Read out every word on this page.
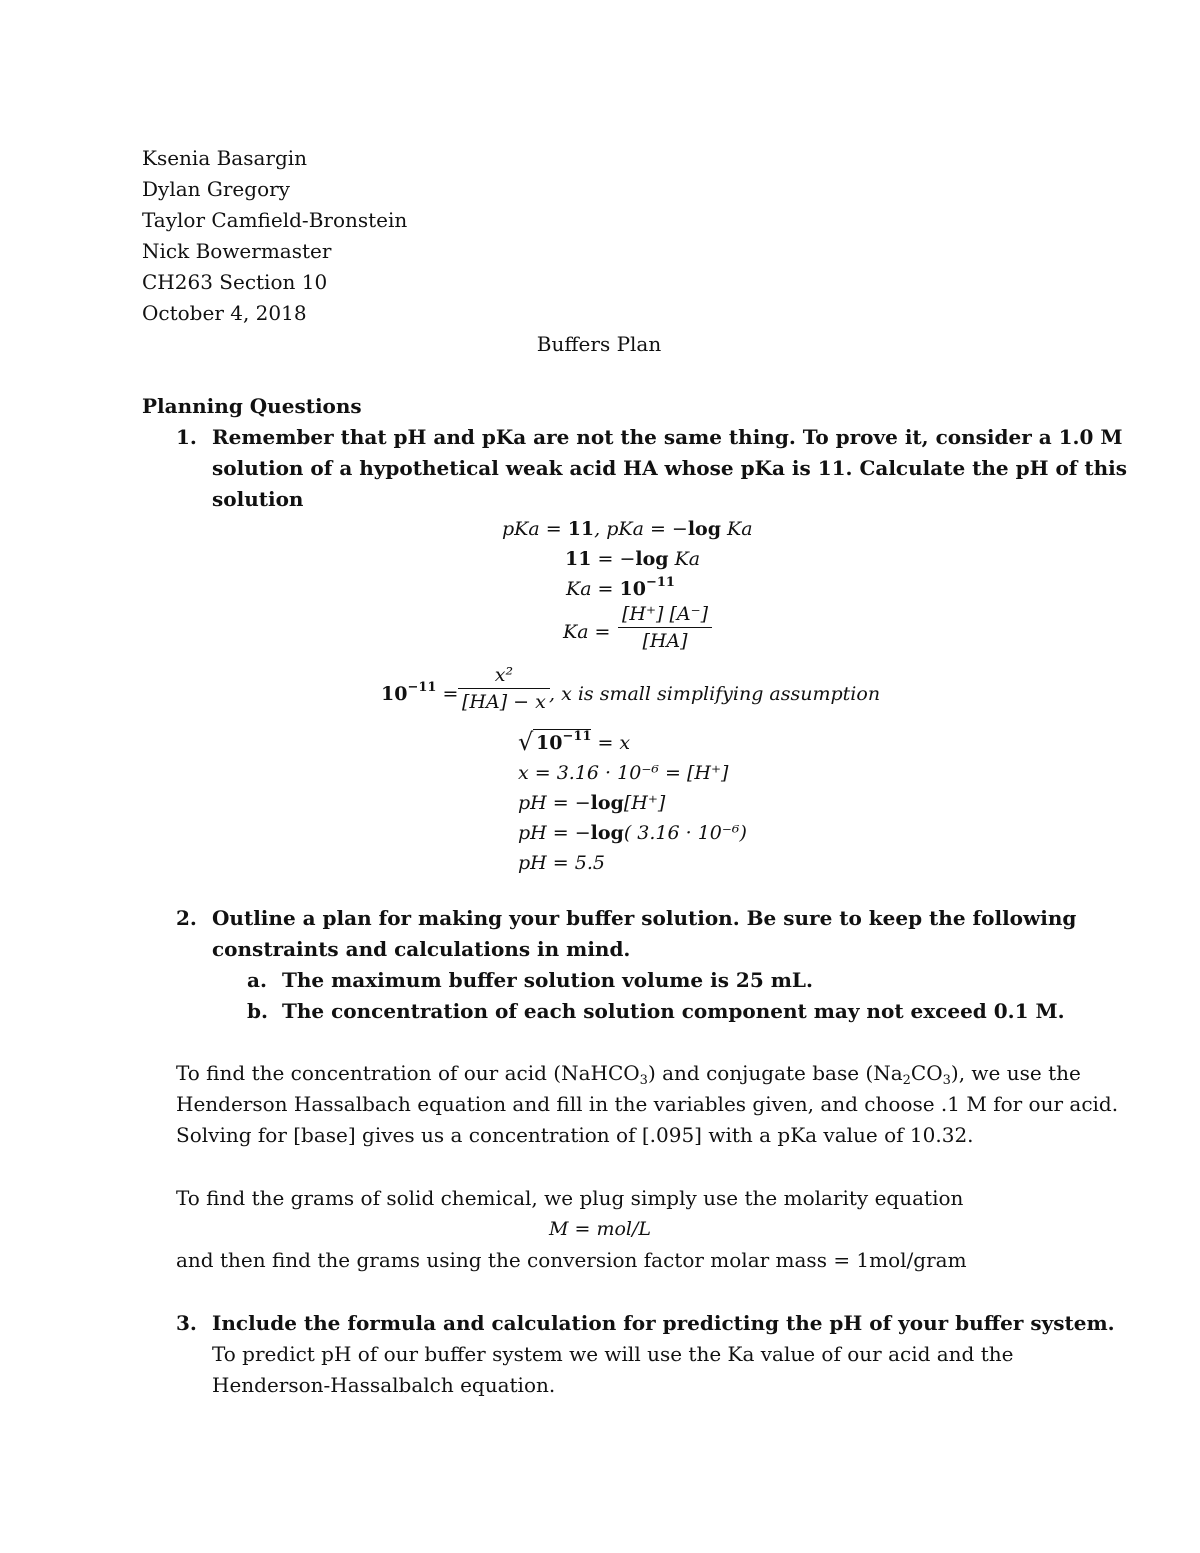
Ksenia Basargin
Dylan Gregory
Taylor Camfield-Bronstein
Nick Bowermaster
CH263 Section 10
October 4, 2018
Buffers Plan
Planning Questions
1. Remember that pH and pKa are not the same thing. To prove it, consider a 1.0 M
solution of a hypothetical weak acid HA whose pKa is 11. Calculate the pH of this
solution
pKa = 11, pKa = −log Ka
11 = −log Ka
$Ka = 10^{-11}$
$Ka = \frac{[H^+] [A^-]}{[HA]}$
$10^{-11} = \frac{\text{x²}}{[HA] - x}$ , x is small simplifying assumption
√ $10^{-11} = x$
x = 3.16 · 10⁻⁶ = [H⁺]
pH = −log[H⁺]
pH = −log( 3.16 · 10⁻⁶)
pH = 5.5
2. Outline a plan for making your buffer solution. Be sure to keep the following
constraints and calculations in mind.
a. The maximum buffer solution volume is 25 mL.
b. The concentration of each solution component may not exceed 0.1 M.
To find the concentration of our acid (NaHCO$_3$) and conjugate base $(Na_2CO_3)$, we use the
Henderson Hassalbach equation and fill in the variables given, and choose .1 M for our acid.
Solving for [base] gives us a concentration of [.095] with a pKa value of 10.32.
To find the grams of solid chemical, we plug simply use the molarity equation
M = mol/L
and then find the grams using the conversion factor molar mass = 1mol/gram
3. Include the formula and calculation for predicting the pH of your buffer system.
To predict pH of our buffer system we will use the Ka value of our acid and the
Henderson-Hassalbalch equation.
